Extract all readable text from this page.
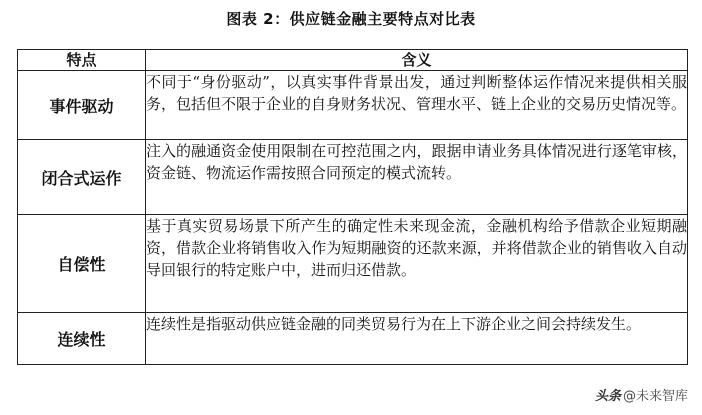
图表 2：供应链金融主要特点对比表
特点	含义
事件驱动	不同于“身份驱动”，以真实事件背景出发，通过判断整体运作情况来提供相关服务，包括但不限于企业的自身财务状况、管理水平、链上企业的交易历史情况等。
闭合式运作	注入的融通资金使用限制在可控范围之内，跟据申请业务具体情况进行逐笔审核，资金链、物流运作需按照合同预定的模式流转。
自偿性	基于真实贸易场景下所产生的确定性未来现金流，金融机构给予借款企业短期融资，借款企业将销售收入作为短期融资的还款来源，并将借款企业的销售收入自动导回银行的特定账户中，进而归还借款。
连续性	连续性是指驱动供应链金融的同类贸易行为在上下游企业之间会持续发生。
头条 @未来智库
